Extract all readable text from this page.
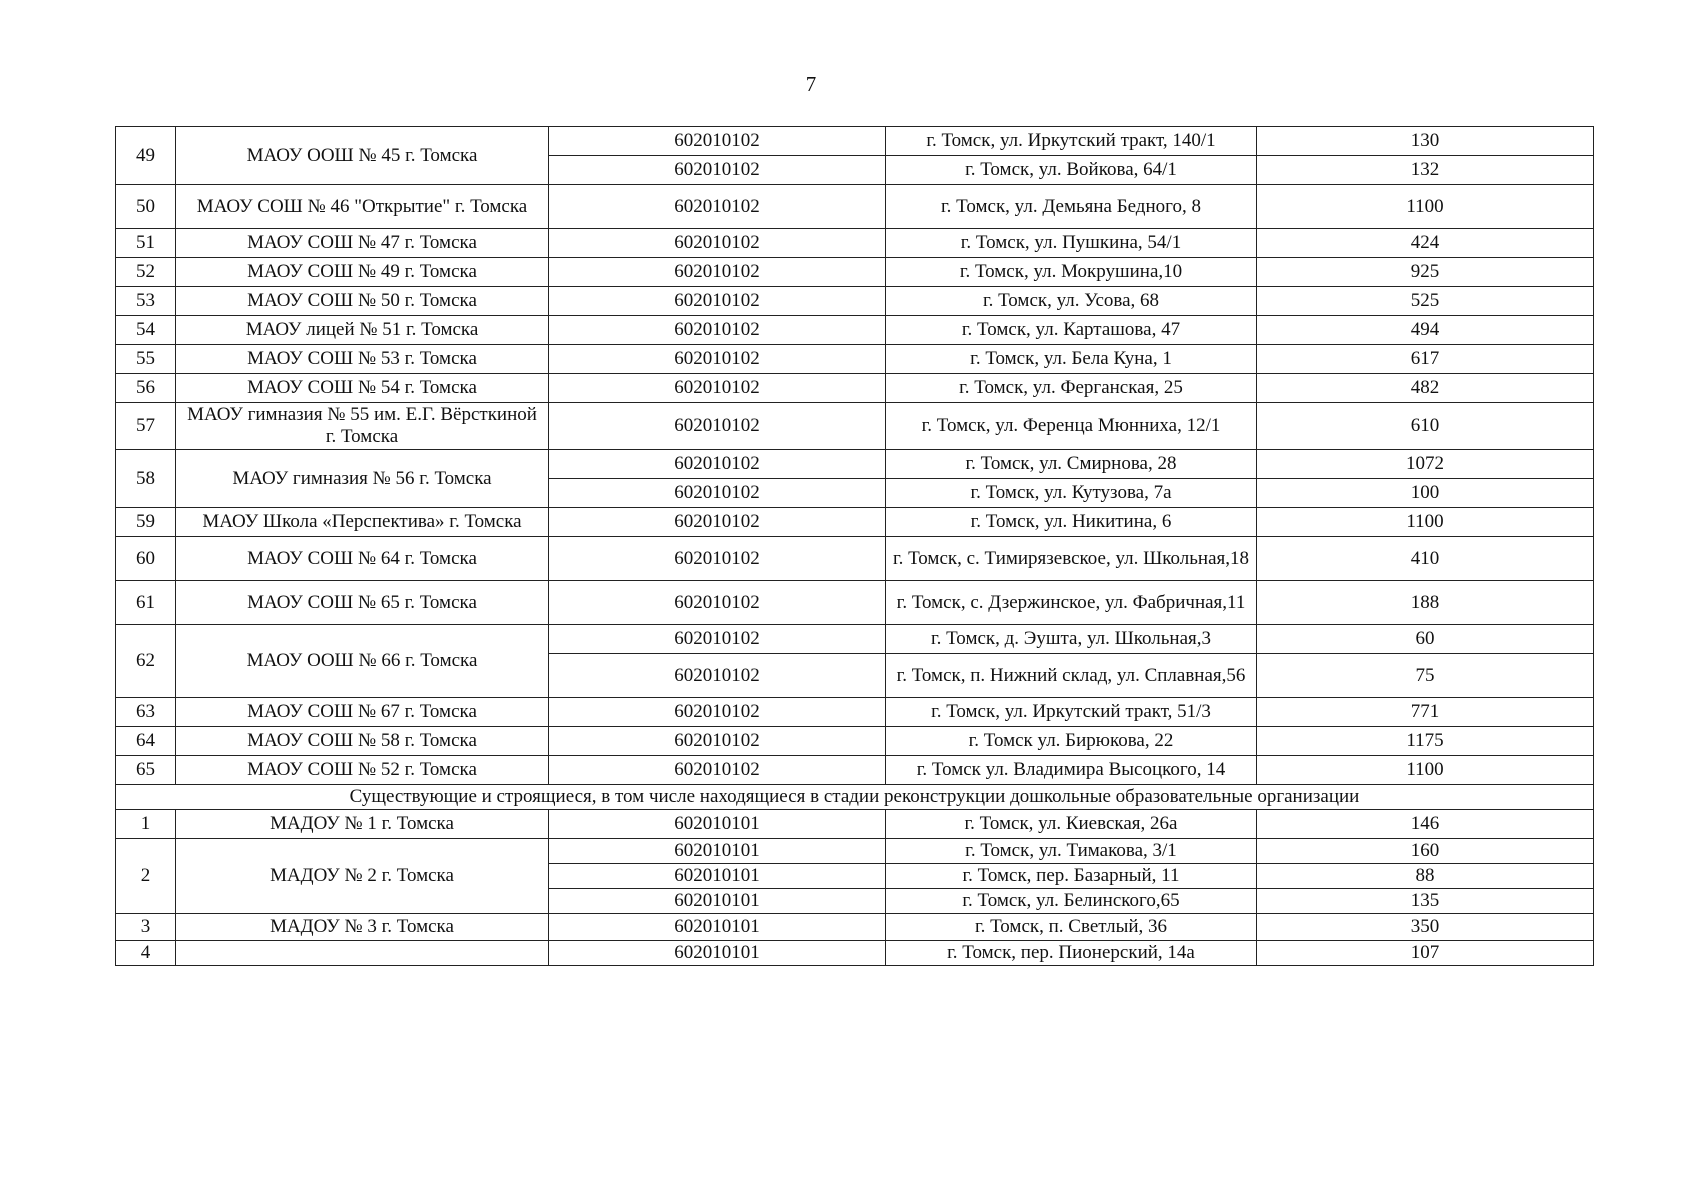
7
49	МАОУ ООШ № 45 г. Томска	602010102	г. Томск, ул. Иркутский тракт, 140/1	130
		602010102	г. Томск, ул. Войкова, 64/1	132
50	МАОУ СОШ № 46 "Открытие" г. Томска	602010102	г. Томск, ул. Демьяна Бедного, 8	1100
51	МАОУ СОШ № 47 г. Томска	602010102	г. Томск, ул. Пушкина, 54/1	424
52	МАОУ СОШ № 49 г. Томска	602010102	г. Томск, ул. Мокрушина,10	925
53	МАОУ СОШ № 50 г. Томска	602010102	г. Томск, ул. Усова, 68	525
54	МАОУ лицей № 51 г. Томска	602010102	г. Томск, ул. Карташова, 47	494
55	МАОУ СОШ № 53 г. Томска	602010102	г. Томск, ул. Бела Куна, 1	617
56	МАОУ СОШ № 54 г. Томска	602010102	г. Томск, ул. Ферганская, 25	482
57	МАОУ гимназия № 55 им. Е.Г. Вёрсткиной г. Томска	602010102	г. Томск, ул. Ференца Мюнниха, 12/1	610
58	МАОУ гимназия № 56 г. Томска	602010102	г. Томск, ул. Смирнова, 28	1072
		602010102	г. Томск, ул. Кутузова, 7а	100
59	МАОУ Школа «Перспектива» г. Томска	602010102	г. Томск, ул. Никитина, 6	1100
60	МАОУ СОШ № 64 г. Томска	602010102	г. Томск, с. Тимирязевское, ул. Школьная,18	410
61	МАОУ СОШ № 65 г. Томска	602010102	г. Томск, с. Дзержинское, ул. Фабричная,11	188
62	МАОУ ООШ № 66 г. Томска	602010102	г. Томск, д. Эушта, ул. Школьная,3	60
		602010102	г. Томск, п. Нижний склад, ул. Сплавная,56	75
63	МАОУ СОШ № 67 г. Томска	602010102	г. Томск, ул. Иркутский тракт, 51/3	771
64	МАОУ СОШ № 58 г. Томска	602010102	г. Томск ул. Бирюкова, 22	1175
65	МАОУ СОШ № 52 г. Томска	602010102	г. Томск ул. Владимира Высоцкого, 14	1100
Существующие и строящиеся, в том числе находящиеся в стадии реконструкции дошкольные образовательные организации				
1	МАДОУ № 1 г. Томска	602010101	г. Томск, ул. Киевская, 26а	146
2	МАДОУ № 2 г. Томска	602010101	г. Томск, ул. Тимакова, 3/1	160
		602010101	г. Томск, пер. Базарный, 11	88
		602010101	г. Томск, ул. Белинского,65	135
3	МАДОУ № 3 г. Томска	602010101	г. Томск, п. Светлый, 36	350
4		602010101	г. Томск, пер. Пионерский, 14а	107
